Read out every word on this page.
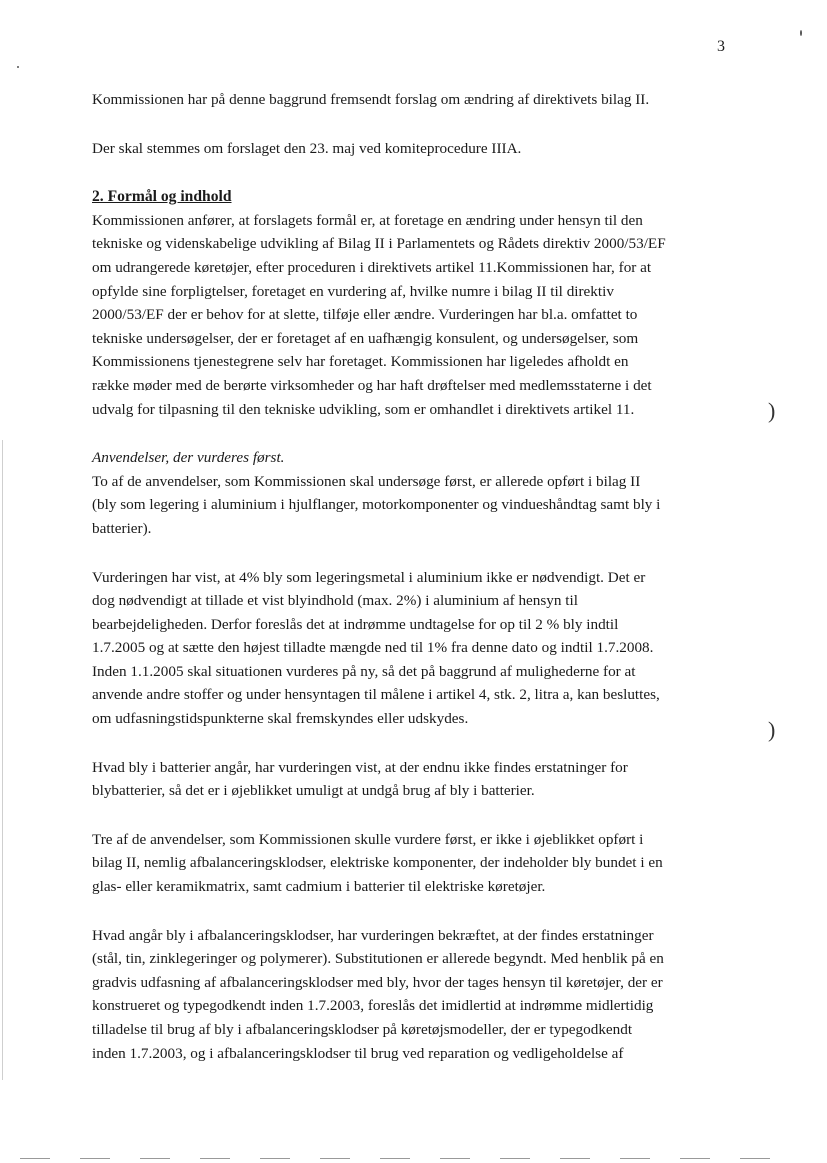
3
)
)

Kommissionen har på denne baggrund fremsendt forslag om ændring af direktivets bilag II.

Der skal stemmes om forslaget den 23. maj ved komiteprocedure IIIA.

2. Formål og indhold

Kommissionen anfører, at forslagets formål er, at foretage en ændring under hensyn til den

tekniske og videnskabelige udvikling af Bilag II i Parlamentets og Rådets direktiv 2000/53/EF

om udrangerede køretøjer, efter proceduren i direktivets artikel 11.Kommissionen har, for at

opfylde sine forpligtelser, foretaget en vurdering af, hvilke numre i bilag II til direktiv

2000/53/EF der er behov for at slette, tilføje eller ændre. Vurderingen har bl.a. omfattet to

tekniske undersøgelser, der er foretaget af en uafhængig konsulent, og undersøgelser, som

Kommissionens tjenestegrene selv har foretaget. Kommissionen har ligeledes afholdt en

række møder med de berørte virksomheder og har haft drøftelser med medlemsstaterne i det

udvalg for tilpasning til den tekniske udvikling, som er omhandlet i direktivets artikel 11.

Anvendelser, der vurderes først.

To af de anvendelser, som Kommissionen skal undersøge først, er allerede opført i bilag II

(bly som legering i aluminium i hjulflanger, motorkomponenter og vindueshåndtag samt bly i

batterier).

Vurderingen har vist, at 4% bly som legeringsmetal i aluminium ikke er nødvendigt. Det er

dog nødvendigt at tillade et vist blyindhold (max. 2%) i aluminium af hensyn til

bearbejdeligheden. Derfor foreslås det at indrømme undtagelse for op til 2 % bly indtil

1.7.2005 og at sætte den højest tilladte mængde ned til 1% fra denne dato og indtil 1.7.2008.

Inden 1.1.2005 skal situationen vurderes på ny, så det på baggrund af mulighederne for at

anvende andre stoffer og under hensyntagen til målene i artikel 4, stk. 2, litra a, kan besluttes,

om udfasningstidspunkterne skal fremskyndes eller udskydes.

Hvad bly i batterier angår, har vurderingen vist, at der endnu ikke findes erstatninger for

blybatterier, så det er i øjeblikket umuligt at undgå brug af bly i batterier.

Tre af de anvendelser, som Kommissionen skulle vurdere først, er ikke i øjeblikket opført i

bilag II, nemlig afbalanceringsklodser, elektriske komponenter, der indeholder bly bundet i en

glas- eller keramikmatrix, samt cadmium i batterier til elektriske køretøjer.

Hvad angår bly i afbalanceringsklodser, har vurderingen bekræftet, at der findes erstatninger

(stål, tin, zinklegeringer og polymerer). Substitutionen er allerede begyndt. Med henblik på en

gradvis udfasning af afbalanceringsklodser med bly, hvor der tages hensyn til køretøjer, der er

konstrueret og typegodkendt inden 1.7.2003, foreslås det imidlertid at indrømme midlertidig

tilladelse til brug af bly i afbalanceringsklodser på køretøjsmodeller, der er typegodkendt

inden 1.7.2003, og i afbalanceringsklodser til brug ved reparation og vedligeholdelse af
